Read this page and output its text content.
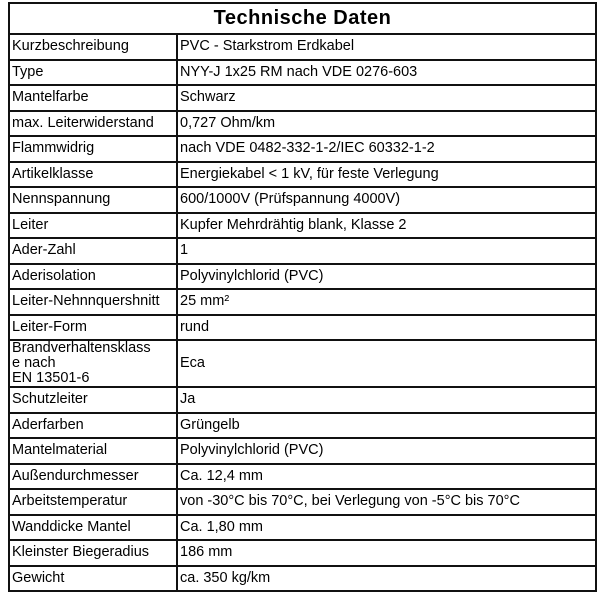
Technische Daten	
Kurzbeschreibung	PVC - Starkstrom Erdkabel
Type	NYY-J 1x25 RM nach VDE 0276-603
Mantelfarbe	Schwarz
max. Leiterwiderstand	0,727 Ohm/km
Flammwidrig	nach VDE 0482-332-1-2/IEC 60332-1-2
Artikelklasse	Energiekabel < 1 kV, für feste Verlegung
Nennspannung	600/1000V (Prüfspannung 4000V)
Leiter	Kupfer Mehrdrähtig blank, Klasse 2
Ader-Zahl	1
Aderisolation	Polyvinylchlorid (PVC)
Leiter-Nehnnquershnitt	25 mm²
Leiter-Form	rund

Brandverhaltensklass
e nach
EN 13501-6	Eca
Schutzleiter	Ja
Aderfarben	Grüngelb
Mantelmaterial	Polyvinylchlorid (PVC)
Außendurchmesser	Ca. 12,4 mm
Arbeitstemperatur	von -30°C bis 70°C, bei Verlegung von -5°C bis 70°C
Wanddicke Mantel	Ca. 1,80 mm
Kleinster Biegeradius	186 mm
Gewicht	ca. 350 kg/km
